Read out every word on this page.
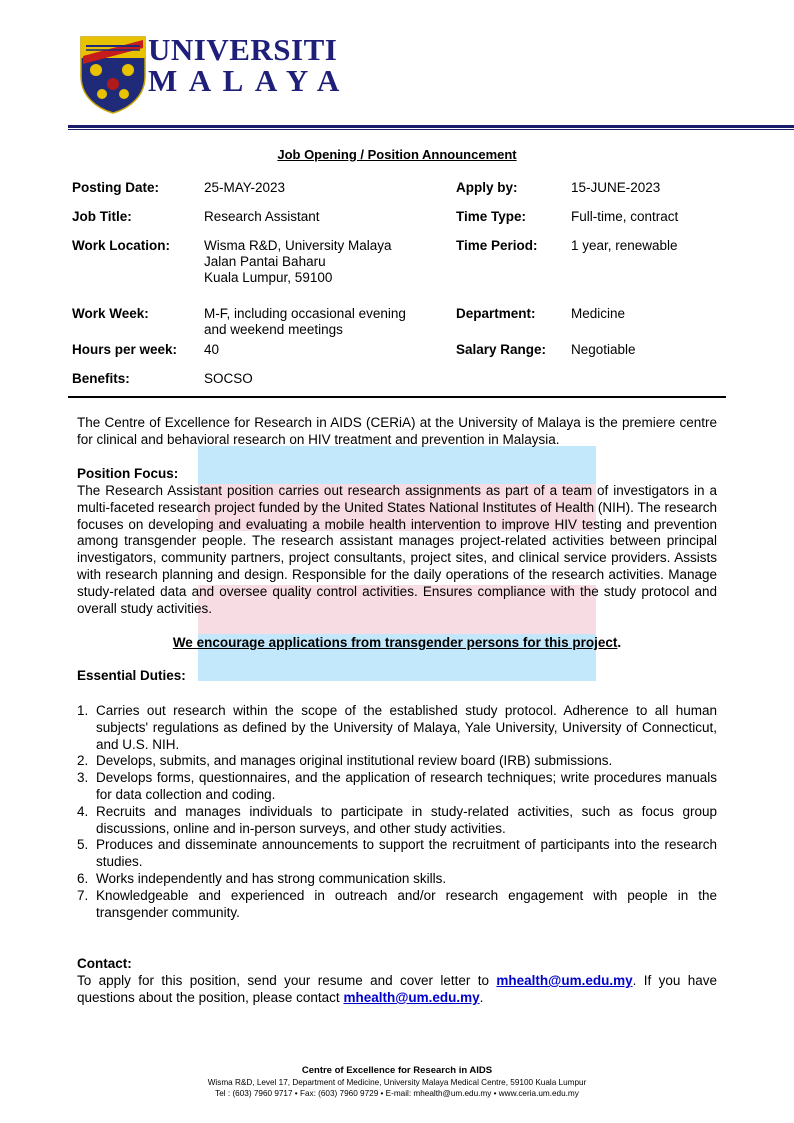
UNIVERSITI
MALAYA
Job Opening / Position Announcement
Posting Date:	25-MAY-2023	Apply by:	15-JUNE-2023
Job Title:	Research Assistant	Time Type:	Full-time, contract
Work Location:	Wisma R&D, University Malaya
Jalan Pantai Baharu
Kuala Lumpur, 59100
Time Period: 1 year, renewable
Work Week:	M-F, including occasional evening
and weekend meetings
Department:	Medicine
Hours per week: 40	Salary Range: Negotiable
Benefits:	SOCSO
The Centre of Excellence for Research in AIDS (CERiA) at the University of Malaya is the premiere centre for clinical and behavioral research on HIV treatment and prevention in Malaysia.
Position Focus:
The Research Assistant position carries out research assignments as part of a team of investigators in a multi-faceted research project funded by the United States National Institutes of Health (NIH). The research focuses on developing and evaluating a mobile health intervention to improve HIV testing and prevention among transgender people. The research assistant manages project-related activities between principal investigators, community partners, project consultants, project sites, and clinical service providers. Assists with research planning and design. Responsible for the daily operations of the research activities. Manage study-related data and oversee quality control activities. Ensures compliance with the study protocol and overall study activities.
We encourage applications from transgender persons for this project.
Essential Duties:
1. Carries out research within the scope of the established study protocol. Adherence to all human subjects' regulations as defined by the University of Malaya, Yale University, University of Connecticut, and U.S. NIH.
2. Develops, submits, and manages original institutional review board (IRB) submissions.
3. Develops forms, questionnaires, and the application of research techniques; write procedures manuals for data collection and coding.
4. Recruits and manages individuals to participate in study-related activities, such as focus group discussions, online and in-person surveys, and other study activities.
5. Produces and disseminate announcements to support the recruitment of participants into the research studies.
6. Works independently and has strong communication skills.
7. Knowledgeable and experienced in outreach and/or research engagement with people in the transgender community.
Contact:
To apply for this position, send your resume and cover letter to mhealth@um.edu.my. If you have questions about the position, please contact mhealth@um.edu.my.
Centre of Excellence for Research in AIDS
Wisma R&D, Level 17, Department of Medicine, University Malaya Medical Centre, 59100 Kuala Lumpur
Tel : (603) 7960 9717 • Fax: (603) 7960 9729 • E-mail: mhealth@um.edu.my • www.ceria.um.edu.my
